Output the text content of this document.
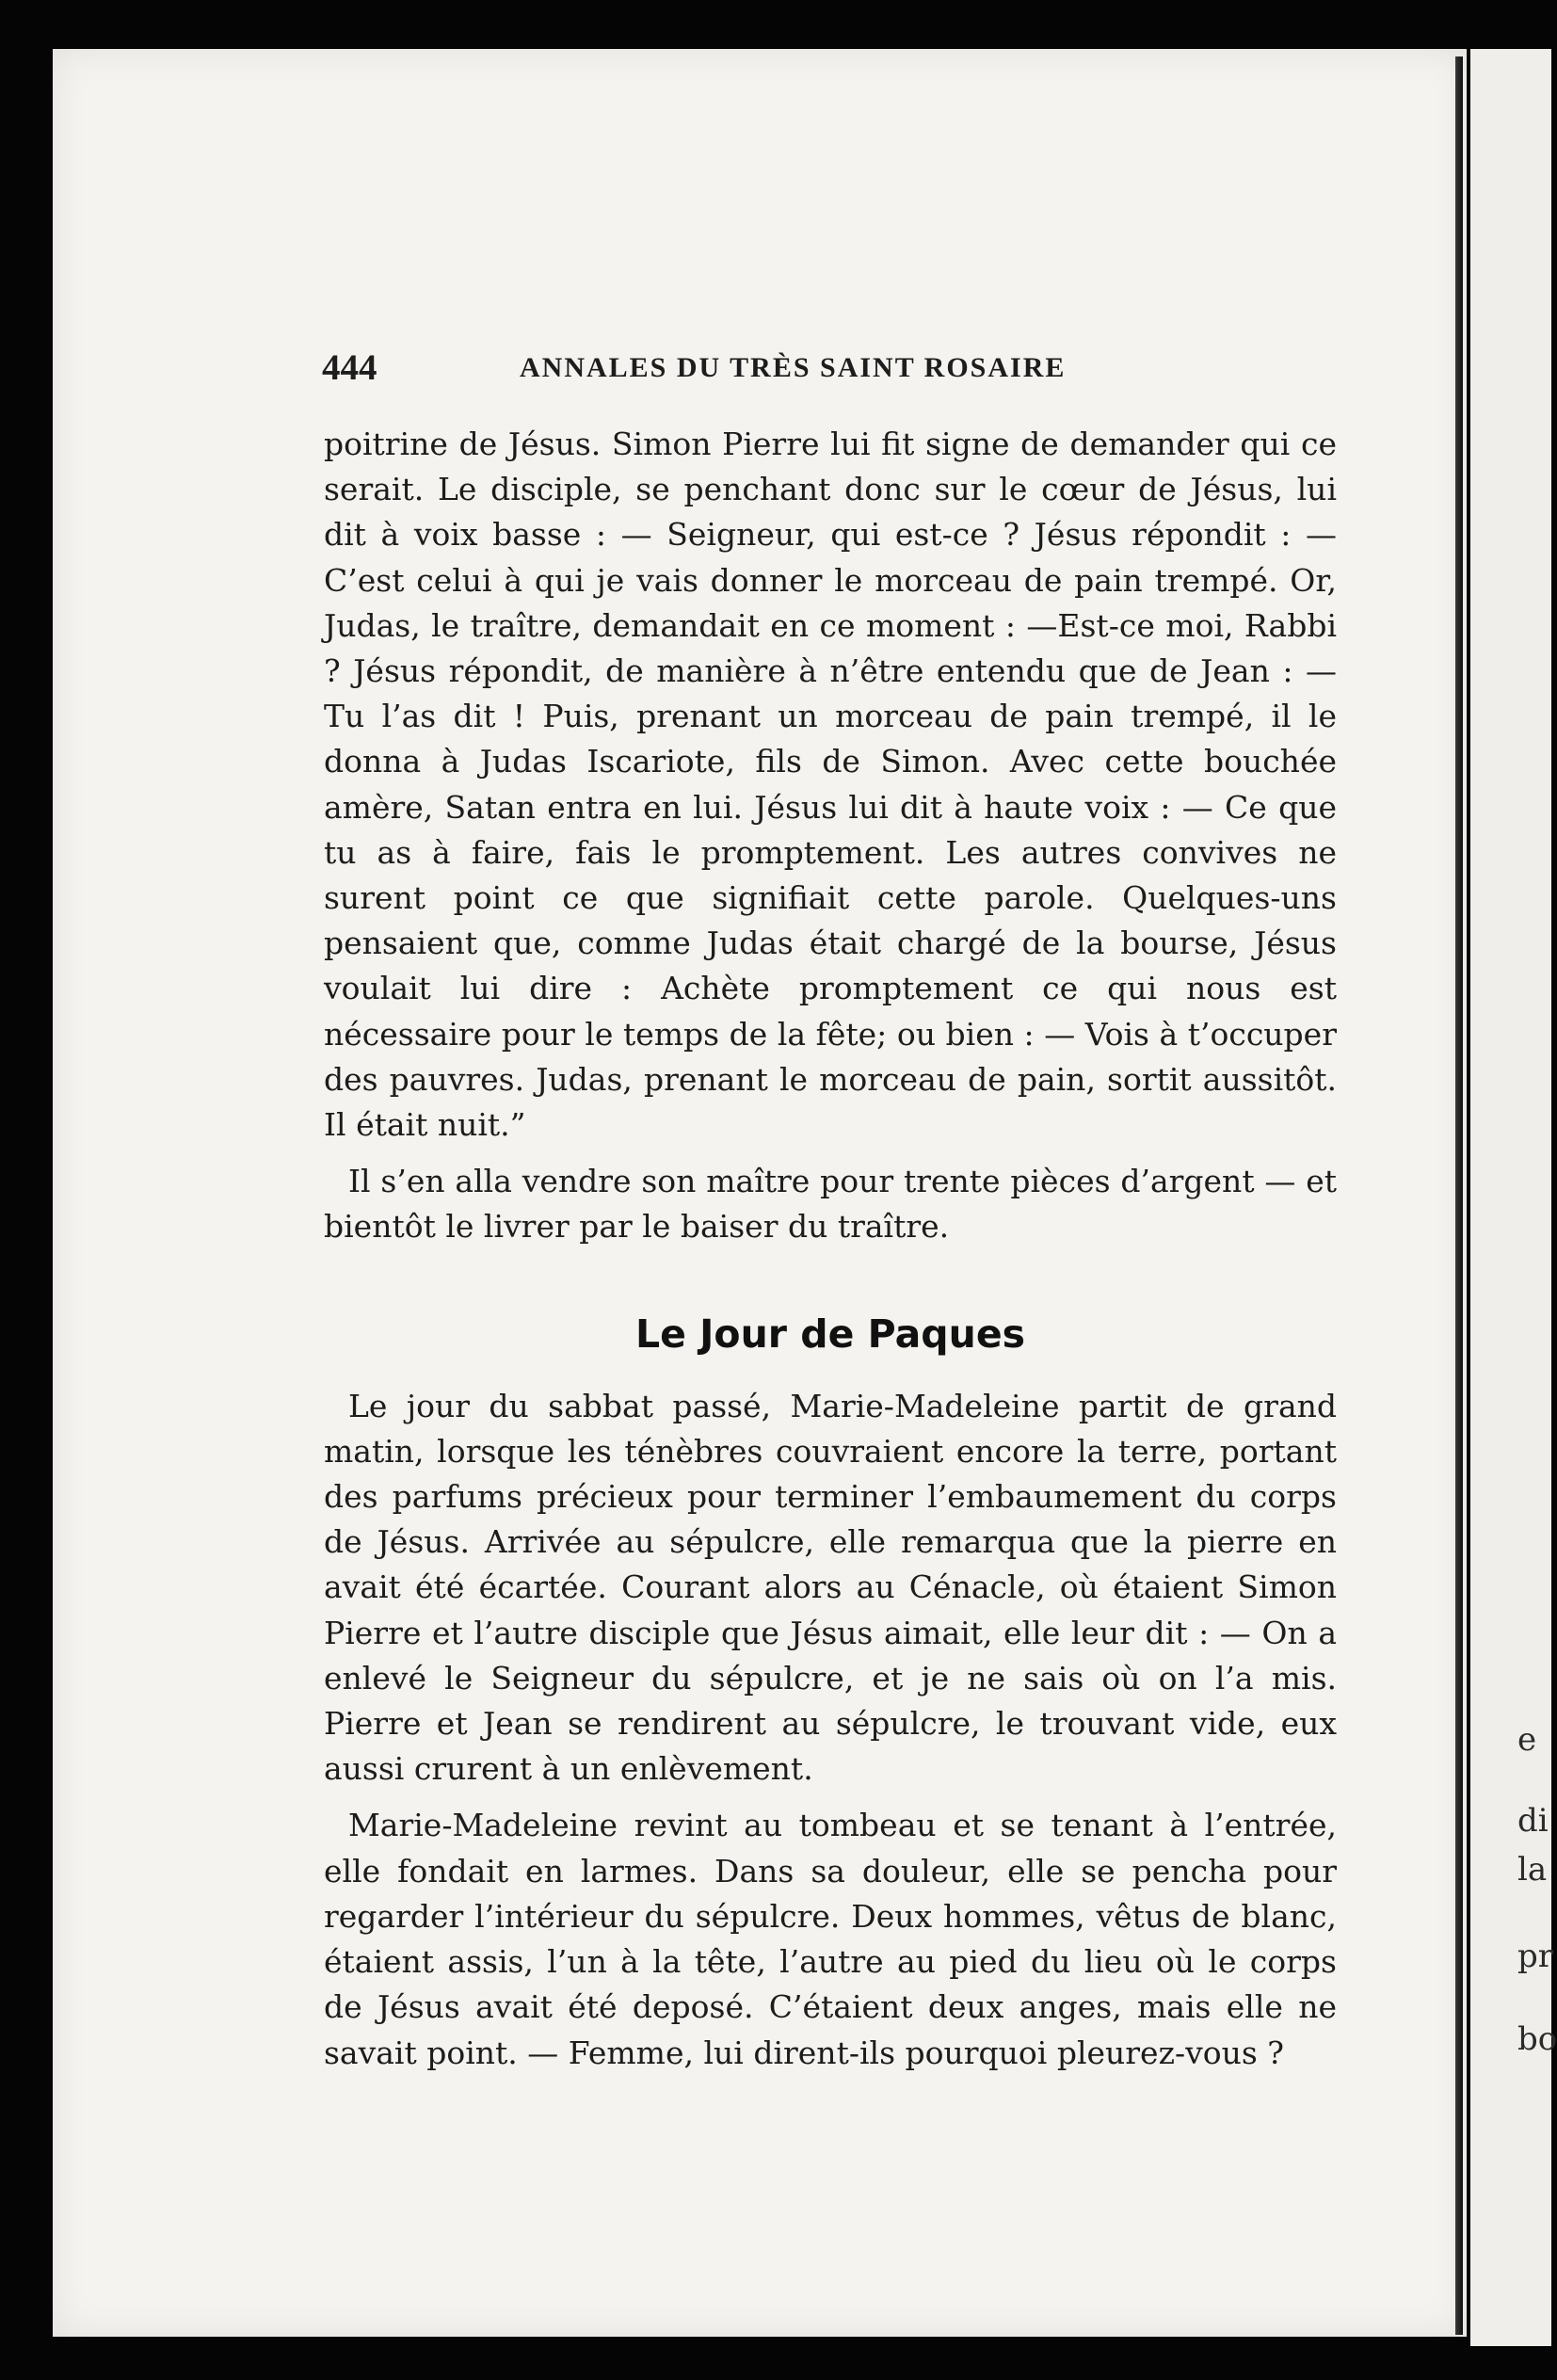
e
di
la
pr
bo
444	ANNALES DU TRÈS SAINT ROSAIRE

poitrine de Jésus. Simon Pierre lui fit signe de demander qui ce serait. Le disciple, se penchant donc sur le cœur de Jésus, lui dit à voix basse : — Seigneur, qui est-ce ? Jésus répondit : — C’est celui à qui je vais donner le morceau de pain trempé. Or, Judas, le traître, demandait en ce moment : —Est-ce moi, Rabbi ? Jésus répondit, de manière à n’être entendu que de Jean : — Tu l’as dit ! Puis, prenant un morceau de pain trempé, il le donna à Judas Iscariote, fils de Simon. Avec cette bouchée amère, Satan entra en lui. Jésus lui dit à haute voix : — Ce que tu as à faire, fais le promptement. Les autres convives ne surent point ce que signifiait cette parole. Quelques-uns pensaient que, comme Judas était chargé de la bourse, Jésus voulait lui dire : Achète promptement ce qui nous est nécessaire pour le temps de la fête; ou bien : — Vois à t’occuper des pauvres. Judas, prenant le morceau de pain, sortit aussitôt. Il était nuit.”

Il s’en alla vendre son maître pour trente pièces d’argent — et bientôt le livrer par le baiser du traître.

Le Jour de Paques

Le jour du sabbat passé, Marie-Madeleine partit de grand matin, lorsque les ténèbres couvraient encore la terre, portant des parfums précieux pour terminer l’embaumement du corps de Jésus. Arrivée au sépulcre, elle remarqua que la pierre en avait été écartée. Courant alors au Cénacle, où étaient Simon Pierre et l’autre disciple que Jésus aimait, elle leur dit : — On a enlevé le Seigneur du sépulcre, et je ne sais où on l’a mis. Pierre et Jean se rendirent au sépulcre, le trouvant vide, eux aussi crurent à un enlèvement.

Marie-Madeleine revint au tombeau et se tenant à l’entrée, elle fondait en larmes. Dans sa douleur, elle se pencha pour regarder l’intérieur du sépulcre. Deux hommes, vêtus de blanc, étaient assis, l’un à la tête, l’autre au pied du lieu où le corps de Jésus avait été deposé. C’étaient deux anges, mais elle ne savait point. — Femme, lui dirent-ils pourquoi pleurez-vous ?
